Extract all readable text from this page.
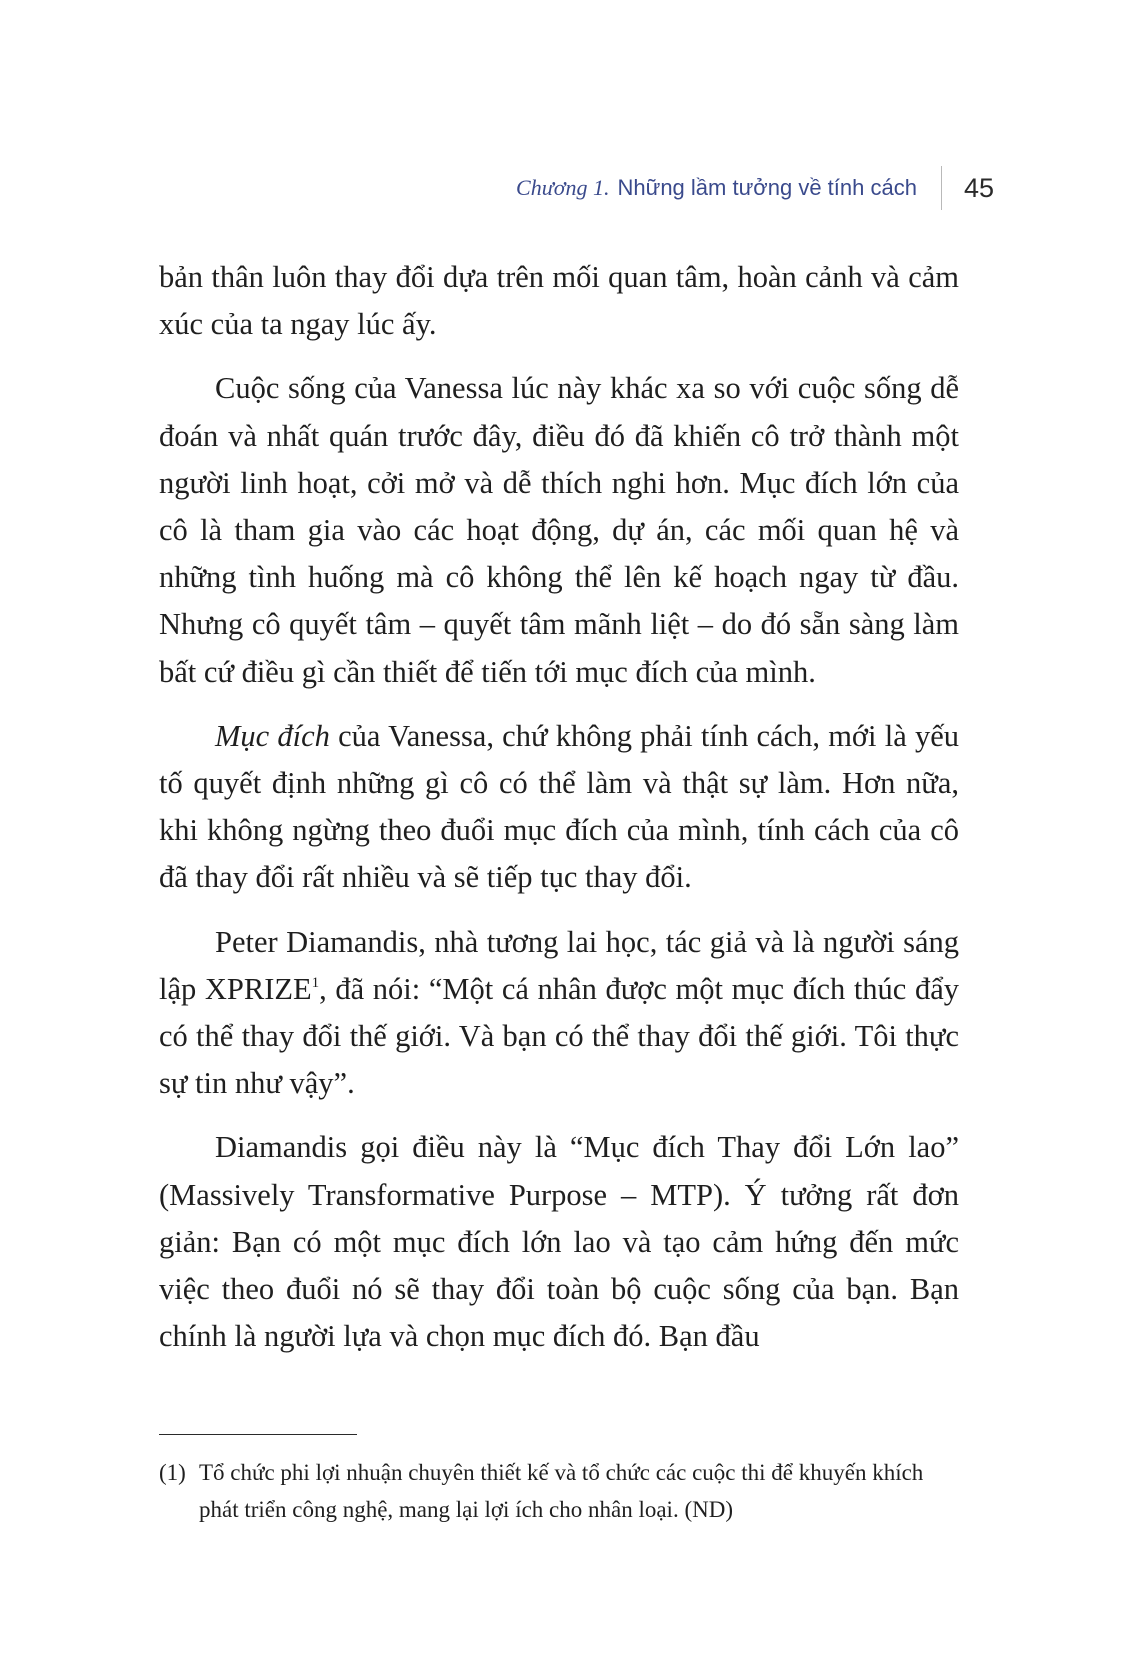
Chương 1. Những lầm tưởng về tính cách 45

bản thân luôn thay đổi dựa trên mối quan tâm, hoàn cảnh và cảm xúc của ta ngay lúc ấy.

Cuộc sống của Vanessa lúc này khác xa so với cuộc sống dễ đoán và nhất quán trước đây, điều đó đã khiến cô trở thành một người linh hoạt, cởi mở và dễ thích nghi hơn. Mục đích lớn của cô là tham gia vào các hoạt động, dự án, các mối quan hệ và những tình huống mà cô không thể lên kế hoạch ngay từ đầu. Nhưng cô quyết tâm – quyết tâm mãnh liệt – do đó sẵn sàng làm bất cứ điều gì cần thiết để tiến tới mục đích của mình.

Mục đích của Vanessa, chứ không phải tính cách, mới là yếu tố quyết định những gì cô có thể làm và thật sự làm. Hơn nữa, khi không ngừng theo đuổi mục đích của mình, tính cách của cô đã thay đổi rất nhiều và sẽ tiếp tục thay đổi.

Peter Diamandis, nhà tương lai học, tác giả và là người sáng lập XPRIZE$^1$, đã nói: “Một cá nhân được một mục đích thúc đẩy có thể thay đổi thế giới. Và bạn có thể thay đổi thế giới. Tôi thực sự tin như vậy”.

Diamandis gọi điều này là “Mục đích Thay đổi Lớn lao” (Massively Transformative Purpose – MTP). Ý tưởng rất đơn giản: Bạn có một mục đích lớn lao và tạo cảm hứng đến mức việc theo đuổi nó sẽ thay đổi toàn bộ cuộc sống của bạn. Bạn chính là người lựa và chọn mục đích đó. Bạn đầu

(1) Tổ chức phi lợi nhuận chuyên thiết kế và tổ chức các cuộc thi để khuyến khích phát triển công nghệ, mang lại lợi ích cho nhân loại. (ND)
